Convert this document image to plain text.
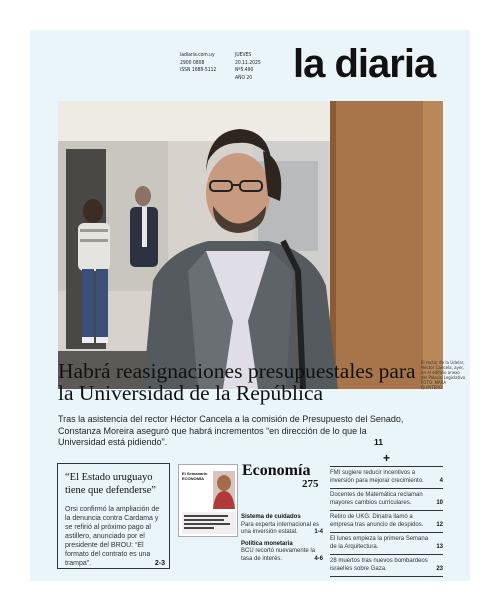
ladiaria.com.uy
2900 0808
ISSN 1688-5112
JUEVES
20.11.2025
Nº5.490
AÑO 20 la diaria
El rector de la Udelar, Héctor Cancela, ayer, en el edificio anexo del Palacio Legislativo. FOTO: MARA QUINTERO
Habrá reasignaciones presupuestales para la Universidad de la República

Tras la asistencia del rector Héctor Cancela a la comisión de Presupuesto del Senado, Constanza Moreira aseguró que habrá incrementos “en dirección de lo que la Universidad está pidiendo”.	11
“El Estado uruguayo tiene que defenderse”
Orsi confirmó la ampliación de la denuncia contra Cardama y se refirió al próximo pago al astillero, anunciado por el presidente del BROU: “El formato del contrato es una trampa”.	2-3
El Semanario ECONOMÍA	Economía
275
Sistema de cuidados
Para experta internacional es una inversión estatal.	1-4
Política monetaria
BCU recortó nuevamente la tasa de interés.	4-6
+
FMI sugiere reducir incentivos a inversión para mejorar crecimiento.	4
Docentes de Matemática reclaman mayores cambios curriculares.	10
Retiro de UKG: Dinatra llamó a empresa tras anuncio de despidos.	12
El lunes empieza la primera Semana de la Arquitectura.	13
28 muertos tras nuevos bombardeos israelíes sobre Gaza.	23
